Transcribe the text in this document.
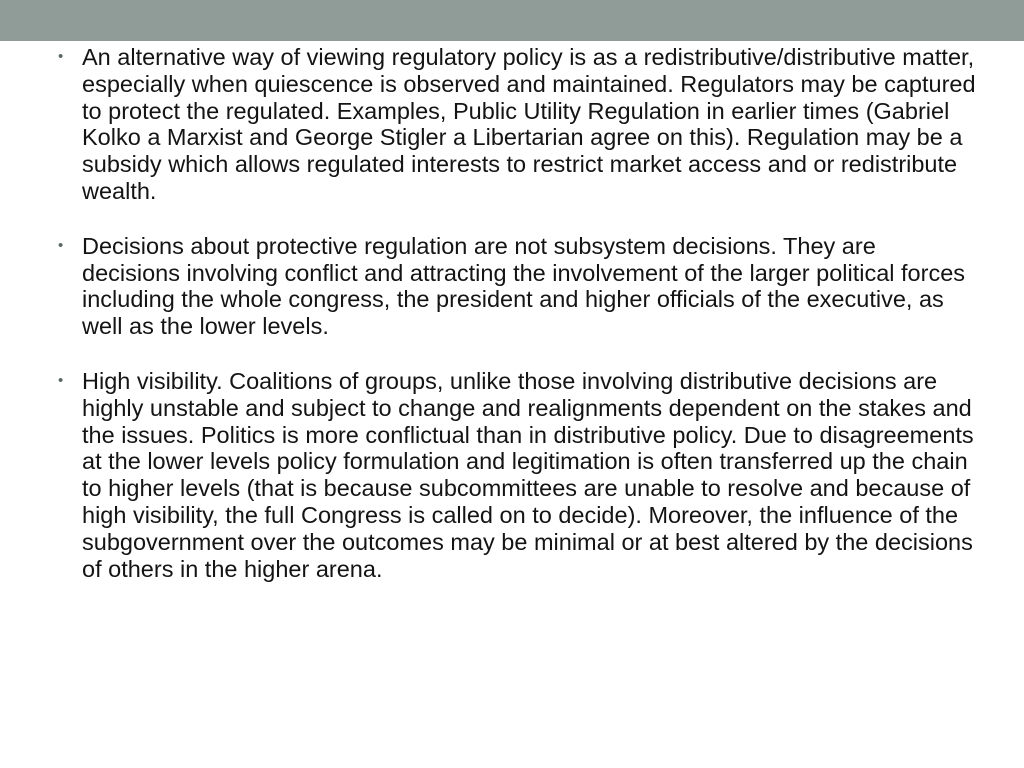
• An alternative way of viewing regulatory policy is as a redistributive/distributive matter, especially when quiescence is observed and maintained. Regulators may be captured to protect the regulated. Examples, Public Utility Regulation in earlier times (Gabriel Kolko a Marxist and George Stigler a Libertarian agree on this). Regulation may be a subsidy which allows regulated interests to restrict market access and or redistribute wealth.
• Decisions about protective regulation are not subsystem decisions. They are decisions involving conflict and attracting the involvement of the larger political forces including the whole congress, the president and higher officials of the executive, as well as the lower levels.
• High visibility. Coalitions of groups, unlike those involving distributive decisions are highly unstable and subject to change and realignments dependent on the stakes and the issues. Politics is more conflictual than in distributive policy. Due to disagreements at the lower levels policy formulation and legitimation is often transferred up the chain to higher levels (that is because subcommittees are unable to resolve and because of high visibility, the full Congress is called on to decide). Moreover, the influence of the subgovernment over the outcomes may be minimal or at best altered by the decisions of others in the higher arena.
